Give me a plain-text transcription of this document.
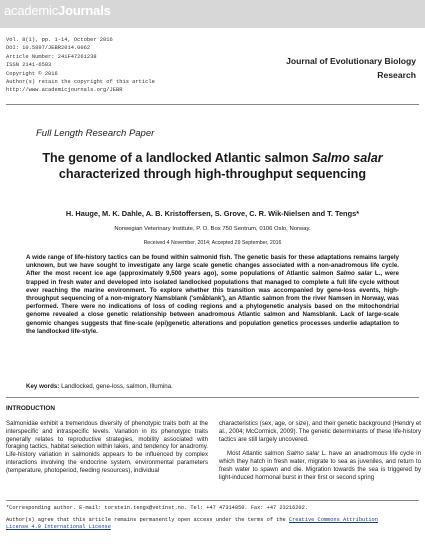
academicJournals
Vol. 8(1), pp. 1-14, October 2016
DOI: 10.5897/JEBR2014.0062
Article Number: 241F47261238
ISSN 2141-6583
Copyright © 2016
Author(s) retain the copyright of this article
http://www.academicjournals.org/JEBR
Journal of Evolutionary Biology
Research
Full Length Research Paper
The genome of a landlocked Atlantic salmon Salmo salar characterized through high-throughput sequencing
H. Hauge, M. K. Dahle, A. B. Kristoffersen, S. Grove, C. R. Wik-Nielsen and T. Tengs*
Norwegian Veterinary Institute, P. O. Box 750 Sentrum, 0106 Oslo, Norway.
Received 4 November, 2014; Accepted 29 September, 2016
A wide range of life-history tactics can be found within salmonid fish. The genetic basis for these adaptations remains largely unknown, but we have sought to investigate any large scale genetic changes associated with a non-anadromous life cycle. After the most recent ice age (approximately 9,500 years ago), some populations of Atlantic salmon Salmo salar L., were trapped in fresh water and developed into isolated landlocked populations that managed to complete a full life cycle without ever reaching the marine environment. To explore whether this transition was accompanied by gene-loss events, high-throughput sequencing of a non-migratory Namsblank ('småblank'), an Atlantic salmon from the river Namsen in Norway, was performed. There were no indications of loss of coding regions and a phylogenetic analysis based on the mitochondrial genome revealed a close genetic relationship between anadromous Atlantic salmon and Namsblank. Lack of large-scale genomic changes suggests that fine-scale (epi)genetic alterations and population genetics processes underlie adaptation to the landlocked life-style.
Key words: Landlocked, gene-loss, salmon, Illumina.
INTRODUCTION

Salmonidae exhibit a tremendous diversity of phenotypic traits both at the interspecific and intraspecific levels. Variation in its phenotypic traits generally relates to reproductive strategies, mobility associated with foraging tactics, habitat selection within lakes, and tendency for anadromy. Life-history variation in salmonids appears to be influenced by complex interactions involving the endocrine system, environmental parameters (temperature, photoperiod, feeding resources), individual

characteristics (sex, age, or size), and their genetic background (Hendry et al., 2004; McCormick, 2009). The genetic determinants of these life-history tactics are still largely uncovered.

Most Atlantic salmon Salmo salar L. have an anadromous life cycle in which they hatch in fresh water, migrate to sea as juveniles, and return to fresh water to spawn and die. Migration towards the sea is triggered by light-induced hormonal burst in their first or second spring

*Corresponding author. E-mail: torstein.tengs@vetinst.no. Tel: +47 47314850. Fax: +47 23216202.
Author(s) agree that this article remains permanently open access under the terms of the Creative Commons Attribution
License 4.0 International License
